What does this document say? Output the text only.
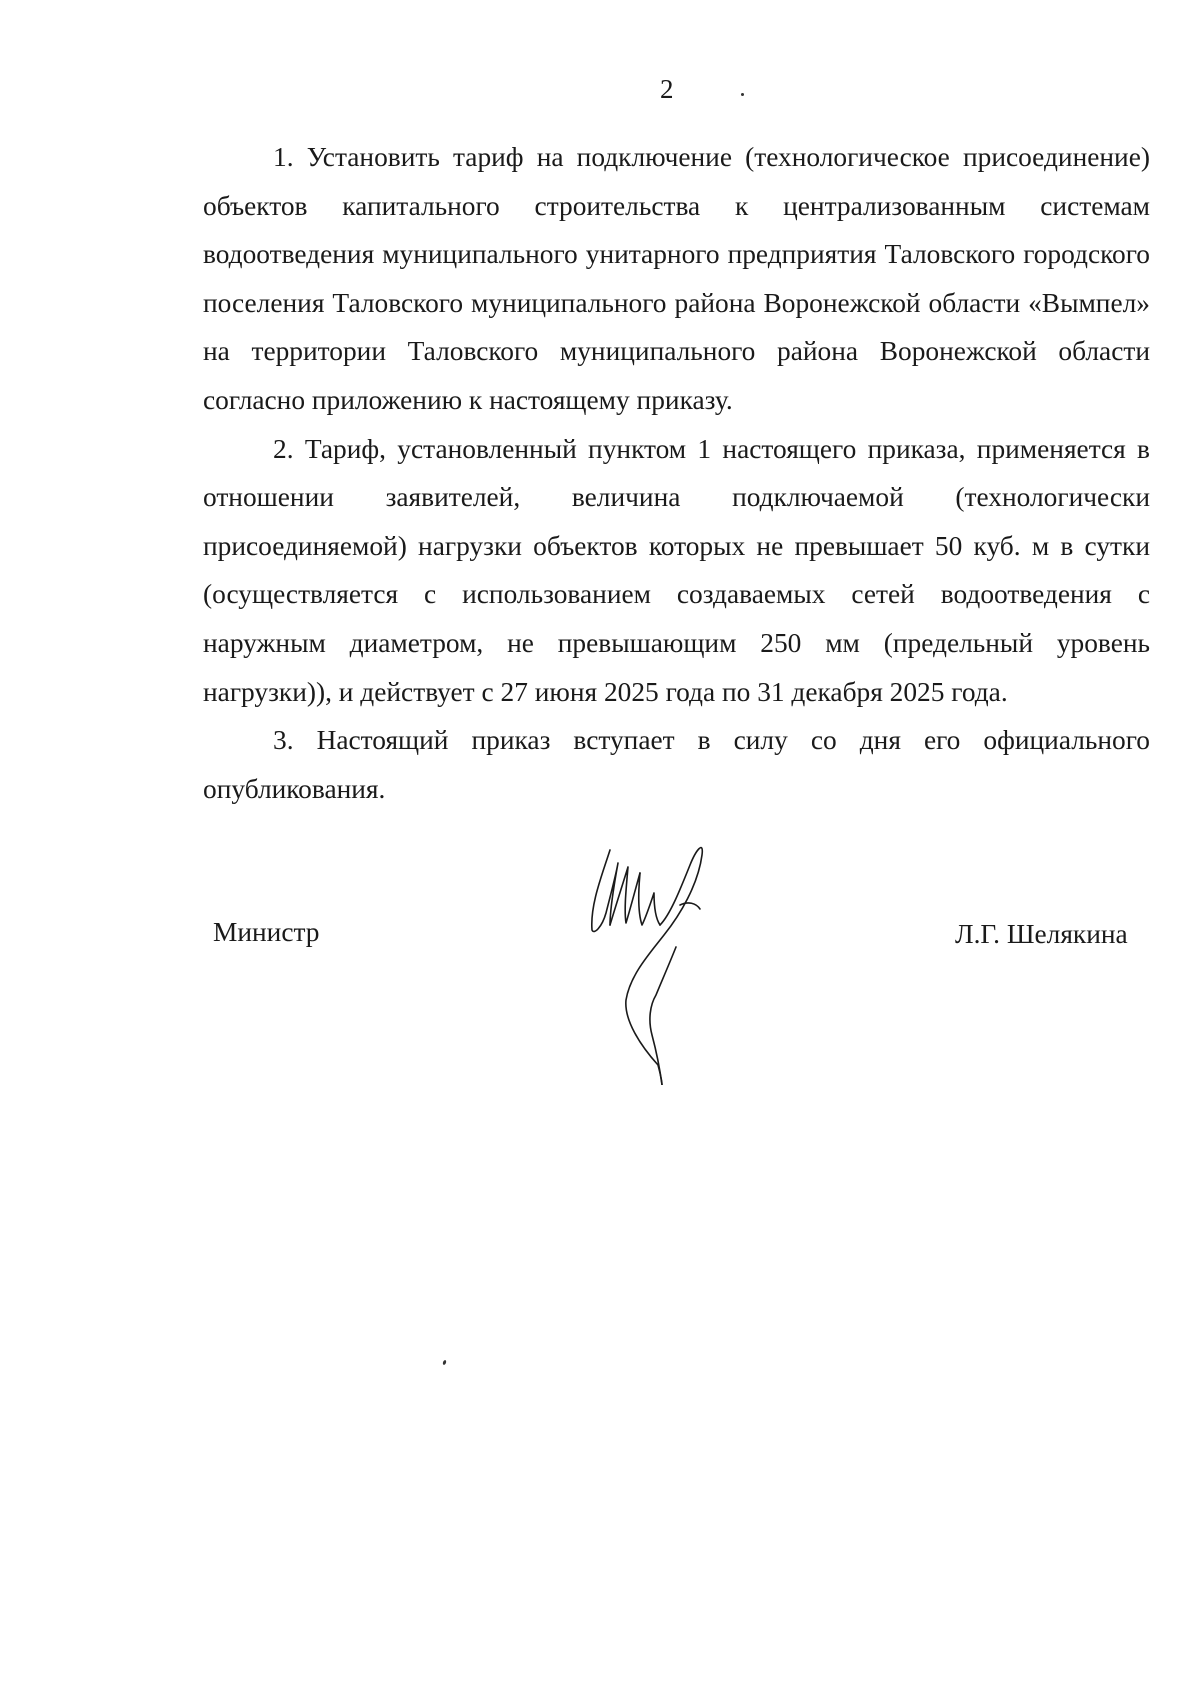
2

1. Установить тариф на подключение (технологическое присоединение) объектов капитального строительства к централизованным системам водоотведения муниципального унитарного предприятия Таловского городского поселения Таловского муниципального района Воронежской области «Вымпел» на территории Таловского муниципального района Воронежской области согласно приложению к настоящему приказу.

2. Тариф, установленный пунктом 1 настоящего приказа, применяется в отношении заявителей, величина подключаемой (технологически присоединяемой) нагрузки объектов которых не превышает 50 куб. м в сутки (осуществляется с использованием создаваемых сетей водоотведения с наружным диаметром, не превышающим 250 мм (предельный уровень нагрузки)), и действует с 27 июня 2025 года по 31 декабря 2025 года.

3. Настоящий приказ вступает в силу со дня его официального опубликования.

Министр	Л.Г. Шелякина
